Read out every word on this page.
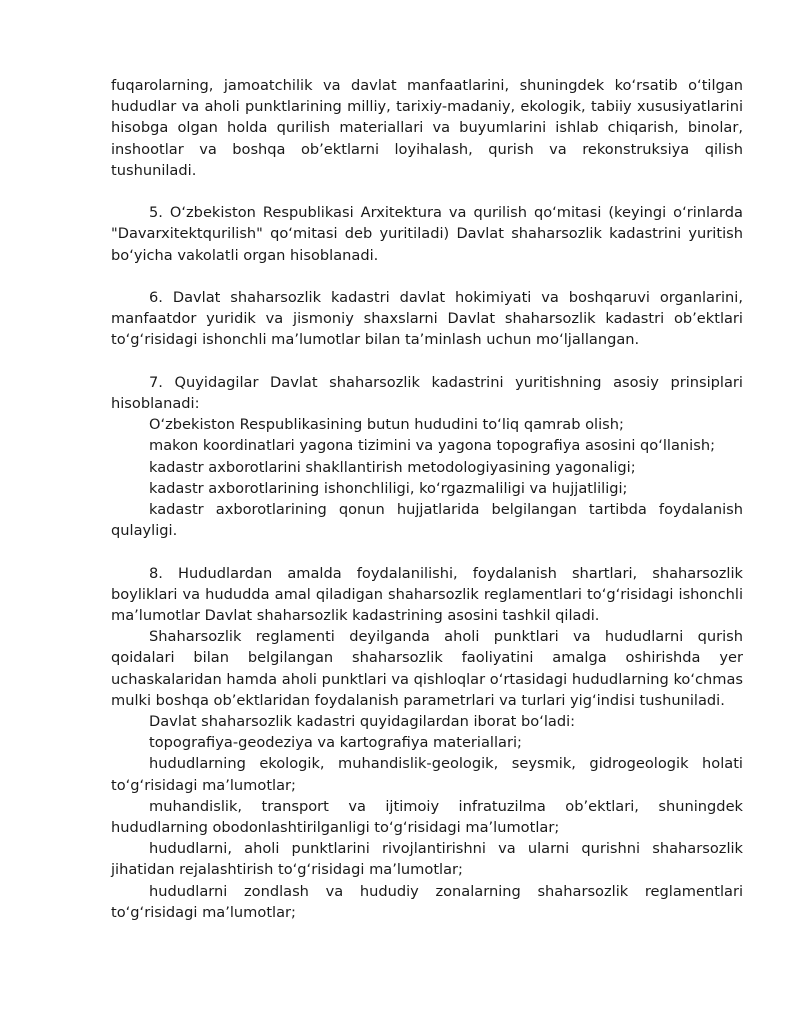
fuqarolarning, jamoatchilik va davlat manfaatlarini, shuningdek ko‘rsatib o‘tilgan hududlar va aholi punktlarining milliy, tarixiy-madaniy, ekologik, tabiiy xususiyatlarini hisobga olgan holda qurilish materiallari va buyumlarini ishlab chiqarish, binolar, inshootlar va boshqa ob’ektlarni loyihalash, qurish va rekonstruksiya qilish tushuniladi.

5. O‘zbekiston Respublikasi Arxitektura va qurilish qo‘mitasi (keyingi o‘rinlarda "Davarxitektqurilish" qo‘mitasi deb yuritiladi) Davlat shaharsozlik kadastrini yuritish bo‘yicha vakolatli organ hisoblanadi.

6. Davlat shaharsozlik kadastri davlat hokimiyati va boshqaruvi organlarini, manfaatdor yuridik va jismoniy shaxslarni Davlat shaharsozlik kadastri ob’ektlari to‘g‘risidagi ishonchli ma’lumotlar bilan ta’minlash uchun mo‘ljallangan.

7. Quyidagilar Davlat shaharsozlik kadastrini yuritishning asosiy prinsiplari hisoblanadi:

O‘zbekiston Respublikasining butun hududini to‘liq qamrab olish;

makon koordinatlari yagona tizimini va yagona topografiya asosini qo‘llanish;

kadastr axborotlarini shakllantirish metodologiyasining yagonaligi;

kadastr axborotlarining ishonchliligi, ko‘rgazmaliligi va hujjatliligi;

kadastr axborotlarining qonun hujjatlarida belgilangan tartibda foydalanish qulayligi.

8. Hududlardan amalda foydalanilishi, foydalanish shartlari, shaharsozlik boyliklari va hududda amal qiladigan shaharsozlik reglamentlari to‘g‘risidagi ishonchli ma’lumotlar Davlat shaharsozlik kadastrining asosini tashkil qiladi.

Shaharsozlik reglamenti deyilganda aholi punktlari va hududlarni qurish qoidalari bilan belgilangan shaharsozlik faoliyatini amalga oshirishda yer uchaskalaridan hamda aholi punktlari va qishloqlar o‘rtasidagi hududlarning ko‘chmas mulki boshqa ob’ektlaridan foydalanish parametrlari va turlari yig‘indisi tushuniladi.

Davlat shaharsozlik kadastri quyidagilardan iborat bo‘ladi:

topografiya-geodeziya va kartografiya materiallari;

hududlarning ekologik, muhandislik-geologik, seysmik, gidrogeologik holati to‘g‘risidagi ma’lumotlar;

muhandislik, transport va ijtimoiy infratuzilma ob’ektlari, shuningdek hududlarning obodonlashtirilganligi to‘g‘risidagi ma’lumotlar;

hududlarni, aholi punktlarini rivojlantirishni va ularni qurishni shaharsozlik jihatidan rejalashtirish to‘g‘risidagi ma’lumotlar;

hududlarni zondlash va hududiy zonalarning shaharsozlik reglamentlari to‘g‘risidagi ma’lumotlar;
